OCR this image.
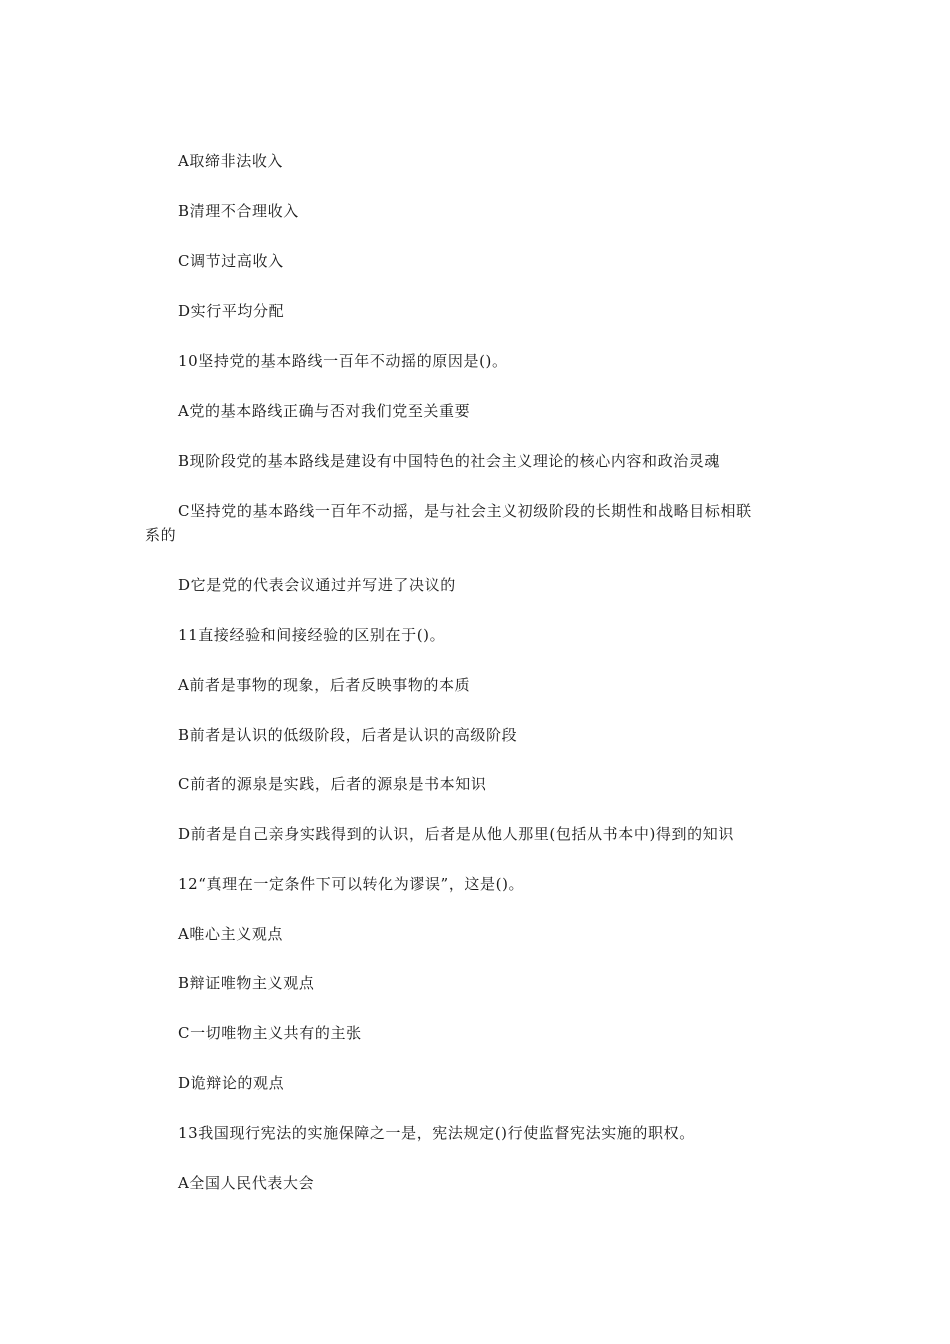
A取缔非法收入
B清理不合理收入
C调节过高收入
D实行平均分配
10坚持党的基本路线一百年不动摇的原因是()。
A党的基本路线正确与否对我们党至关重要
B现阶段党的基本路线是建设有中国特色的社会主义理论的核心内容和政治灵魂
C坚持党的基本路线一百年不动摇，是与社会主义初级阶段的长期性和战略目标相联
系的
D它是党的代表会议通过并写进了决议的
11直接经验和间接经验的区别在于()。
A前者是事物的现象，后者反映事物的本质
B前者是认识的低级阶段，后者是认识的高级阶段
C前者的源泉是实践，后者的源泉是书本知识
D前者是自己亲身实践得到的认识，后者是从他人那里(包括从书本中)得到的知识
12“真理在一定条件下可以转化为谬误”，这是()。
A唯心主义观点
B辩证唯物主义观点
C一切唯物主义共有的主张
D诡辩论的观点
13我国现行宪法的实施保障之一是，宪法规定()行使监督宪法实施的职权。
A全国人民代表大会
